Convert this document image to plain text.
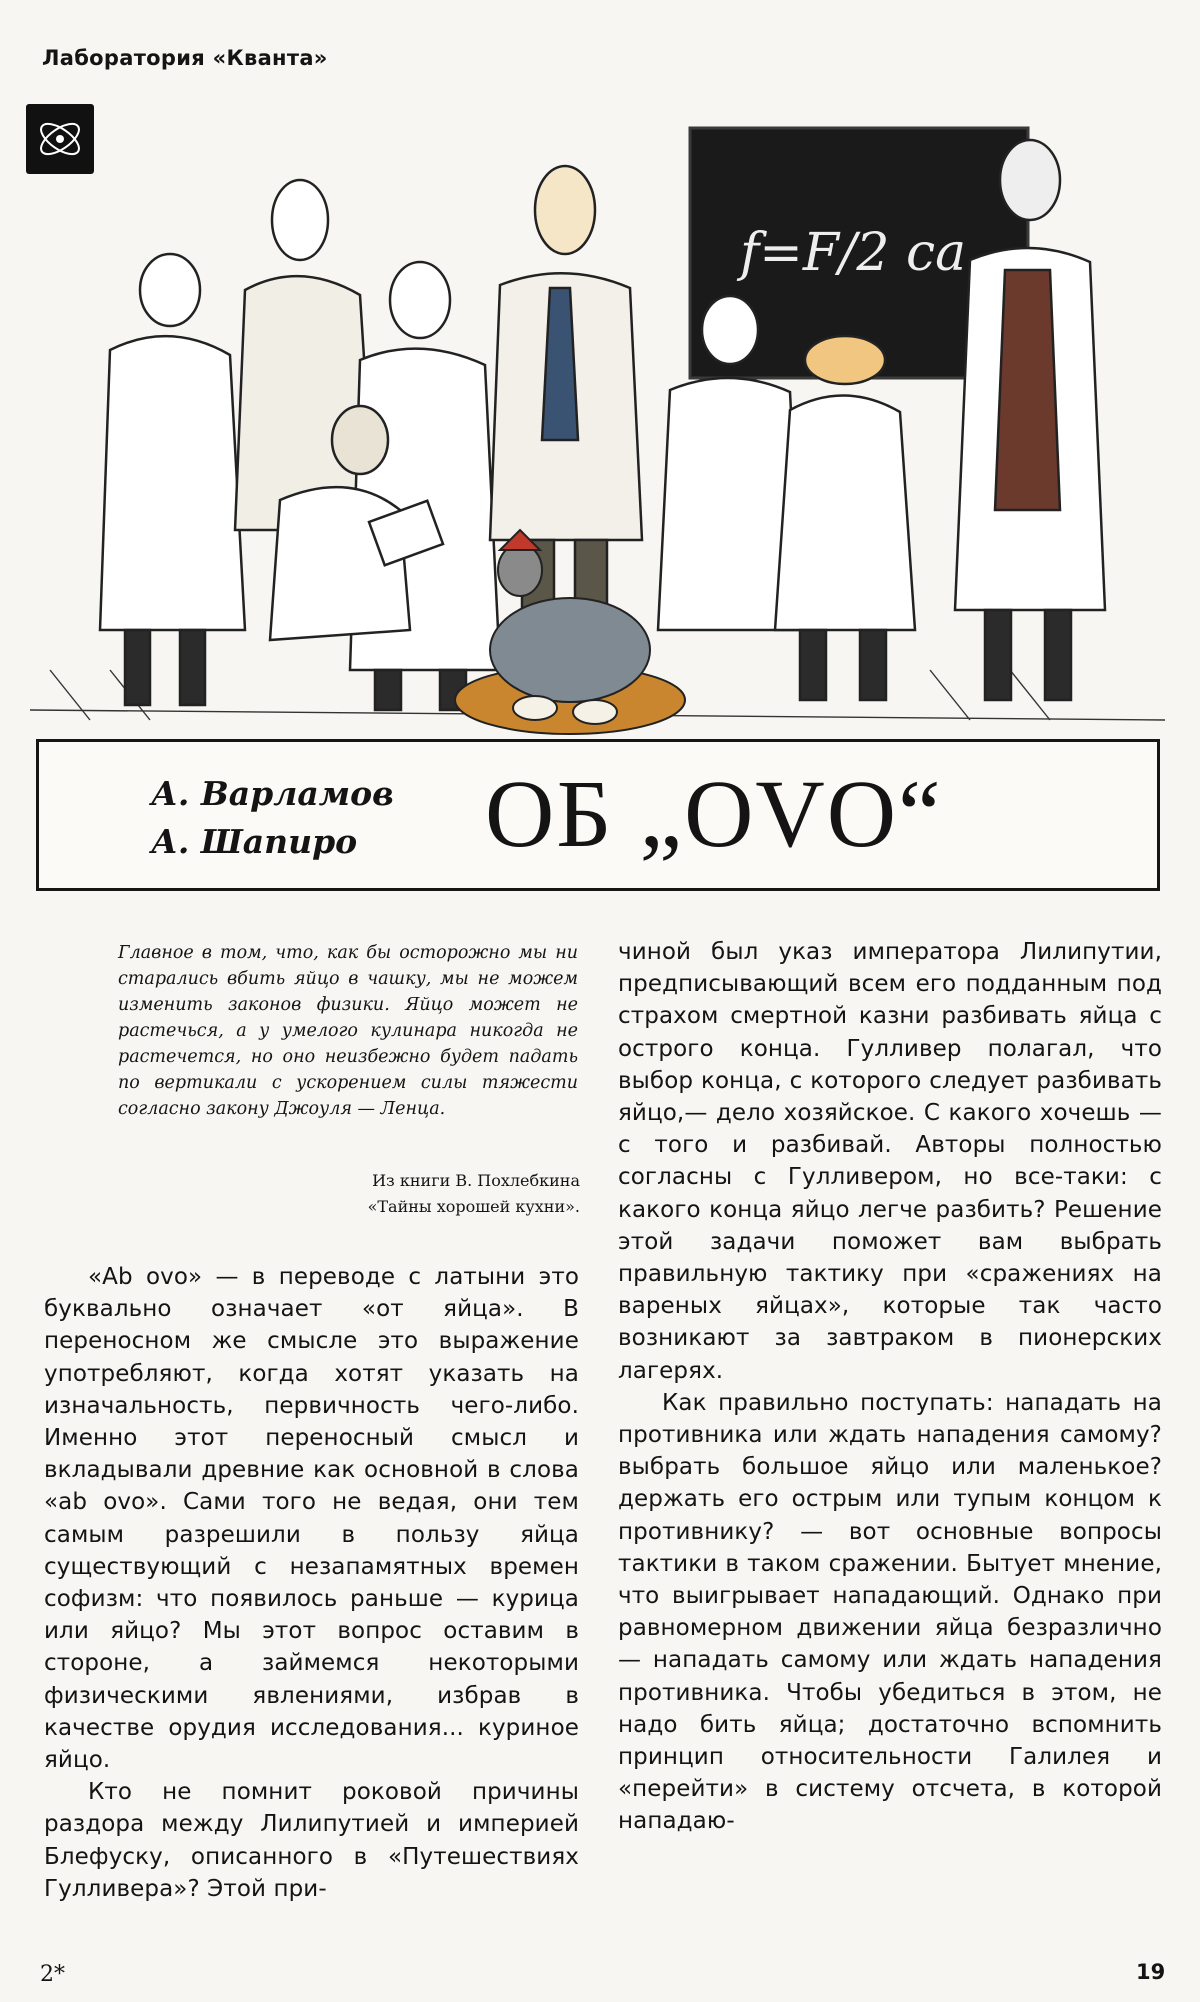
Лаборатория «Кванта»
f=F/2 ca
А. Варламов
А. Шапиро	ОБ „OVO“
Главное в том, что, как бы осторожно мы ни старались вбить яйцо в чашку, мы не можем изменить законов физики. Яйцо может не растечься, а у умелого кулинара никогда не растечется, но оно неизбежно будет падать по вертикали с ускорением силы тяжести согласно закону Джоуля — Ленца.
Из книги В. Похлебкина
«Тайны хорошей кухни».

«Ab ovo» — в переводе с латыни это буквально означает «от яйца». В переносном же смысле это выражение употребляют, когда хотят указать на изначальность, первичность чего-либо. Именно этот переносный смысл и вкладывали древние как основной в слова «ab ovo». Сами того не ведая, они тем самым разрешили в пользу яйца существующий с незапамятных времен софизм: что появилось раньше — курица или яйцо? Мы этот вопрос оставим в стороне, а займемся некоторыми физическими явлениями, избрав в качестве орудия исследования... куриное яйцо.

Кто не помнит роковой причины раздора между Лилипутией и империей Блефуску, описанного в «Путешествиях Гулливера»? Этой при-

чиной был указ императора Лилипутии, предписывающий всем его подданным под страхом смертной казни разбивать яйца с острого конца. Гулливер полагал, что выбор конца, с которого следует разбивать яйцо,— дело хозяйское. С какого хочешь — с того и разбивай. Авторы полностью согласны с Гулливером, но все-таки: с какого конца яйцо легче разбить? Решение этой задачи поможет вам выбрать правильную тактику при «сражениях на вареных яйцах», которые так часто возникают за завтраком в пионерских лагерях.

Как правильно поступать: нападать на противника или ждать нападения самому? выбрать большое яйцо или маленькое? держать его острым или тупым концом к противнику? — вот основные вопросы тактики в таком сражении. Бытует мнение, что выигрывает нападающий. Однако при равномерном движении яйца безразлично — нападать самому или ждать нападения противника. Чтобы убедиться в этом, не надо бить яйца; достаточно вспомнить принцип относительности Галилея и «перейти» в систему отсчета, в которой нападаю-

2*	19
